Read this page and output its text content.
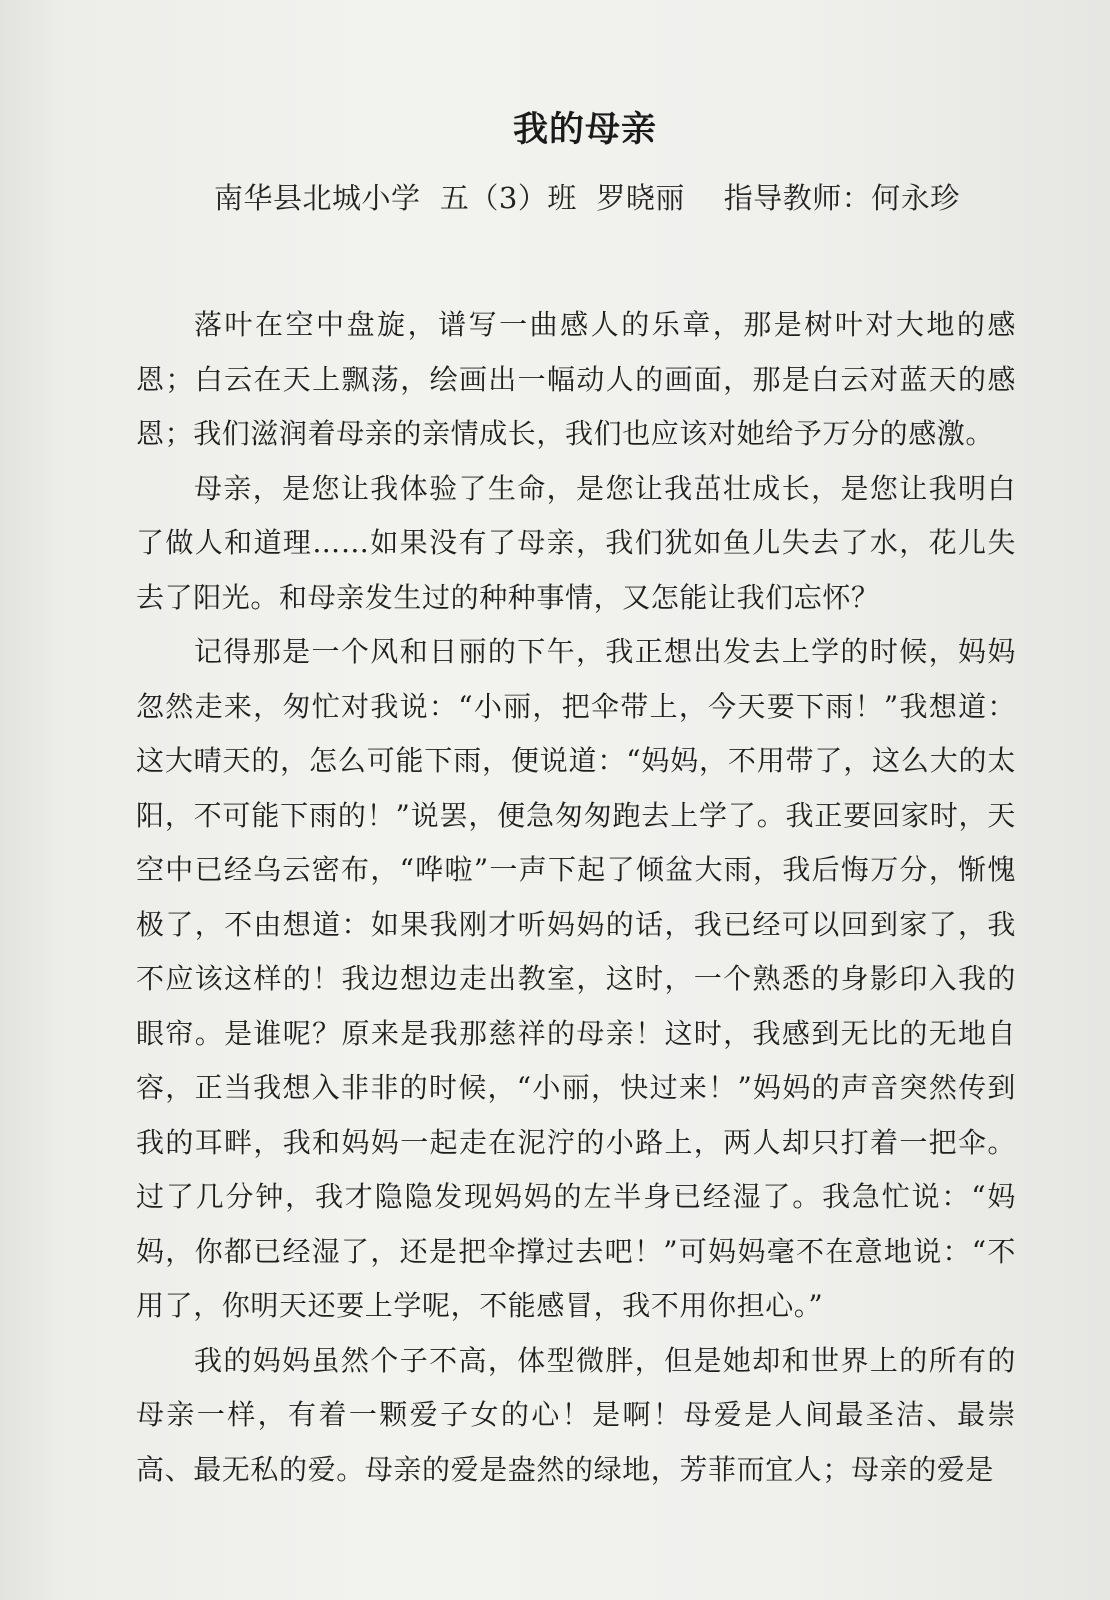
我的母亲
南华县北城小学  五（3）班  罗晓丽    指导教师：何永珍

落叶在空中盘旋，谱写一曲感人的乐章，那是树叶对大地的感恩；白云在天上飘荡，绘画出一幅动人的画面，那是白云对蓝天的感恩；我们滋润着母亲的亲情成长，我们也应该对她给予万分的感激。

母亲，是您让我体验了生命，是您让我茁壮成长，是您让我明白了做人和道理……如果没有了母亲，我们犹如鱼儿失去了水，花儿失去了阳光。和母亲发生过的种种事情，又怎能让我们忘怀？

记得那是一个风和日丽的下午，我正想出发去上学的时候，妈妈忽然走来，匆忙对我说：“小丽，把伞带上，今天要下雨！”我想道：这大晴天的，怎么可能下雨，便说道：“妈妈，不用带了，这么大的太阳，不可能下雨的！”说罢，便急匆匆跑去上学了。我正要回家时，天空中已经乌云密布，“哗啦”一声下起了倾盆大雨，我后悔万分，惭愧极了，不由想道：如果我刚才听妈妈的话，我已经可以回到家了，我不应该这样的！我边想边走出教室，这时，一个熟悉的身影印入我的眼帘。是谁呢？原来是我那慈祥的母亲！这时，我感到无比的无地自容，正当我想入非非的时候，“小丽，快过来！”妈妈的声音突然传到我的耳畔，我和妈妈一起走在泥泞的小路上，两人却只打着一把伞。过了几分钟，我才隐隐发现妈妈的左半身已经湿了。我急忙说：“妈妈，你都已经湿了，还是把伞撑过去吧！”可妈妈毫不在意地说：“不用了，你明天还要上学呢，不能感冒，我不用你担心。”

我的妈妈虽然个子不高，体型微胖，但是她却和世界上的所有的母亲一样，有着一颗爱子女的心！是啊！母爱是人间最圣洁、最崇高、最无私的爱。母亲的爱是盎然的绿地，芳菲而宜人；母亲的爱是
